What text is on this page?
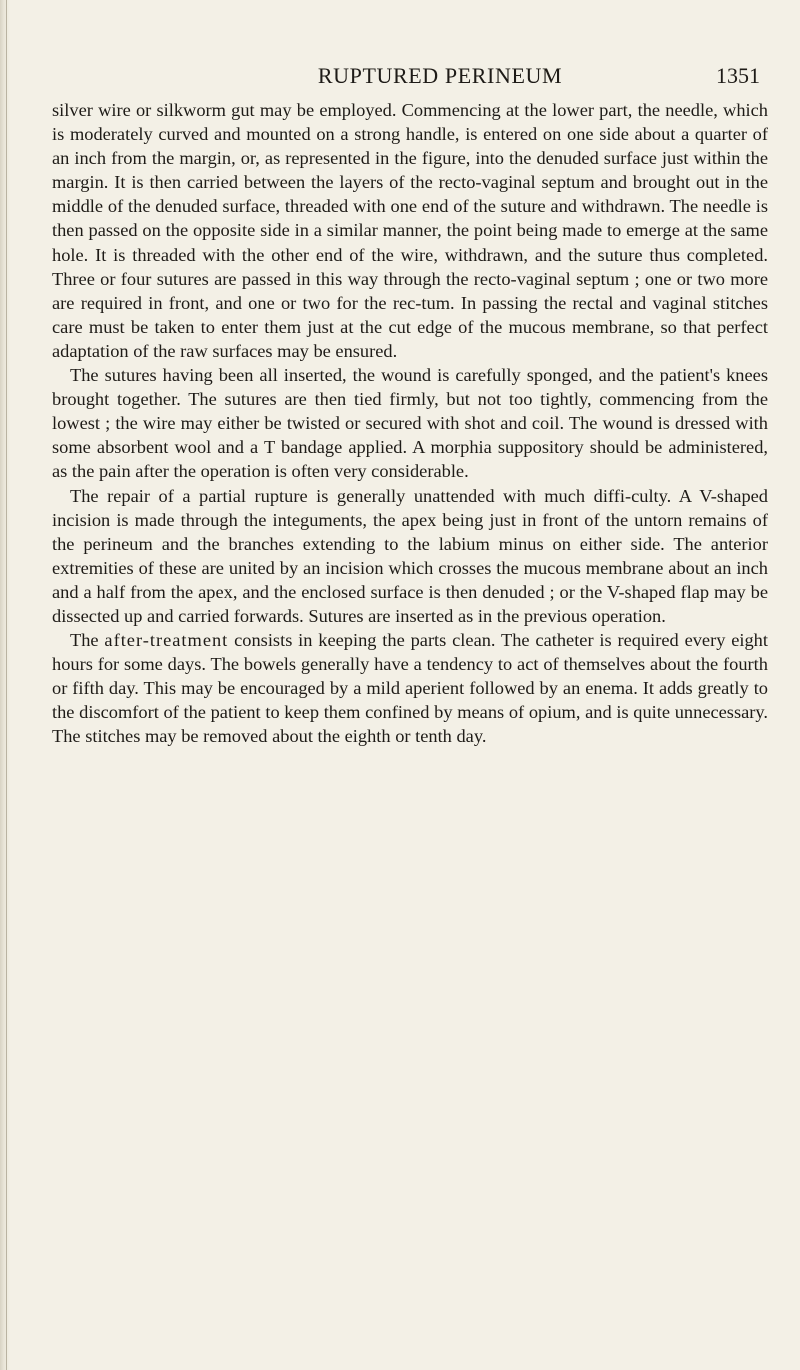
RUPTURED PERINEUM	1351

silver wire or silkworm gut may be employed. Commencing at the lower part, the needle, which is moderately curved and mounted on a strong handle, is entered on one side about a quarter of an inch from the margin, or, as represented in the figure, into the denuded surface just within the margin. It is then carried between the layers of the recto-vaginal septum and brought out in the middle of the denuded surface, threaded with one end of the suture and withdrawn. The needle is then passed on the opposite side in a similar manner, the point being made to emerge at the same hole. It is threaded with the other end of the wire, withdrawn, and the suture thus completed. Three or four sutures are passed in this way through the recto-vaginal septum ; one or two more are required in front, and one or two for the rec-tum. In passing the rectal and vaginal stitches care must be taken to enter them just at the cut edge of the mucous membrane, so that perfect adaptation of the raw surfaces may be ensured.

The sutures having been all inserted, the wound is carefully sponged, and the patient's knees brought together. The sutures are then tied firmly, but not too tightly, commencing from the lowest ; the wire may either be twisted or secured with shot and coil. The wound is dressed with some absorbent wool and a T bandage applied. A morphia suppository should be administered, as the pain after the operation is often very considerable.

The repair of a partial rupture is generally unattended with much diffi-culty. A V-shaped incision is made through the integuments, the apex being just in front of the untorn remains of the perineum and the branches extending to the labium minus on either side. The anterior extremities of these are united by an incision which crosses the mucous membrane about an inch and a half from the apex, and the enclosed surface is then denuded ; or the V-shaped flap may be dissected up and carried forwards. Sutures are inserted as in the previous operation.

The after-treatment consists in keeping the parts clean. The catheter is required every eight hours for some days. The bowels generally have a tendency to act of themselves about the fourth or fifth day. This may be encouraged by a mild aperient followed by an enema. It adds greatly to the discomfort of the patient to keep them confined by means of opium, and is quite unnecessary. The stitches may be removed about the eighth or tenth day.
